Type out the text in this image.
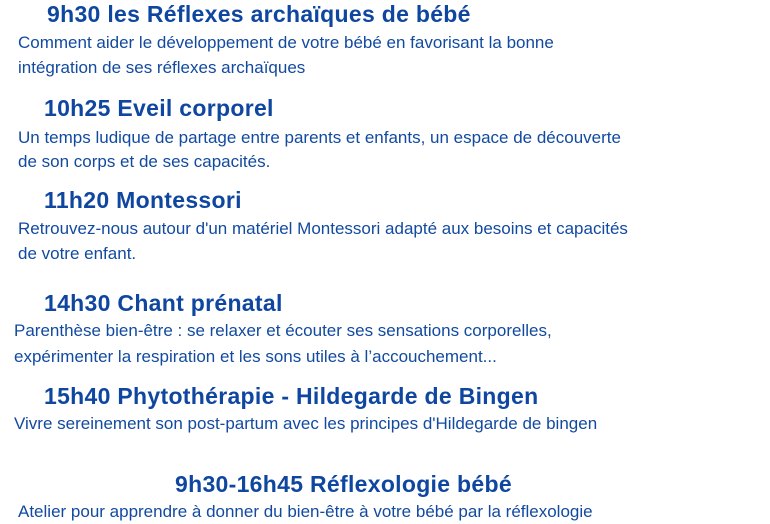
9h30 les Réflexes archaïques de bébé
Comment aider le développement de votre bébé en favorisant la bonne
intégration de ses réflexes archaïques
10h25 Eveil corporel
Un temps ludique de partage entre parents et enfants, un espace de découverte
de son corps et de ses capacités.
11h20 Montessori
Retrouvez-nous autour d'un matériel Montessori adapté aux besoins et capacités
de votre enfant.
14h30 Chant prénatal
Parenthèse bien-être : se relaxer et écouter ses sensations corporelles,
expérimenter la respiration et les sons utiles à l’accouchement...
15h40 Phytothérapie - Hildegarde de Bingen
Vivre sereinement son post-partum avec les principes d'Hildegarde de bingen
9h30-16h45 Réflexologie bébé
Atelier pour apprendre à donner du bien-être à votre bébé par la réflexologie
